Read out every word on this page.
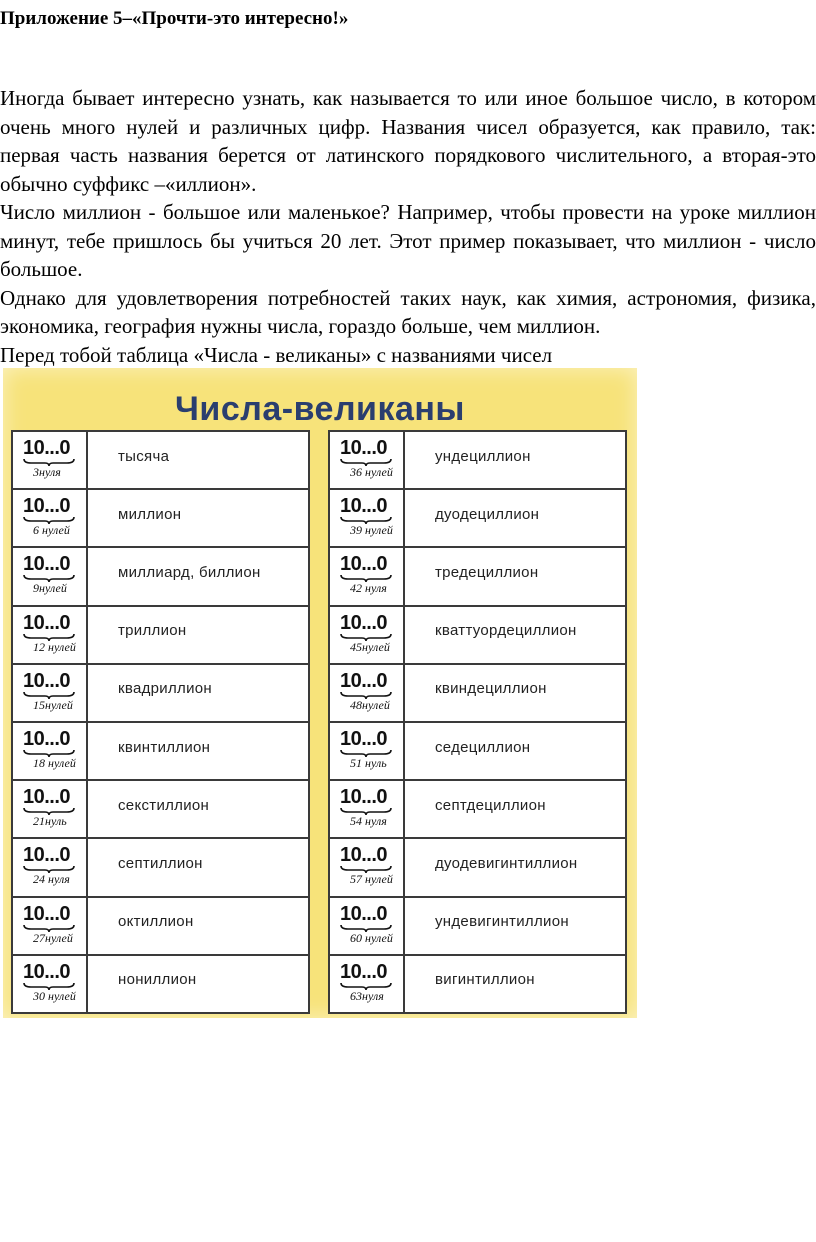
Приложение 5–«Прочти-это интересно!»

Иногда бывает интересно узнать, как называется то или иное большое число, в котором очень много нулей и различных цифр. Названия чисел образуется, как правило, так: первая часть названия берется от латинского порядкового числительного, а вторая-это обычно суффикс –«иллион».

Число миллион - большое или маленькое? Например, чтобы провести на уроке миллион минут, тебе пришлось бы учиться 20 лет. Этот пример показывает, что миллион - число большое.

Однако для удовлетворения потребностей таких наук, как химия, астрономия, физика, экономика, география нужны числа, гораздо больше, чем миллион.

Перед тобой таблица «Числа - великаны» с названиями чисел

Числа-великаны
10...0
3нуля
тысяча
10...0
6 нулей
миллион
10...0
9нулей
миллиард, биллион
10...0
12 нулей
триллион
10...0
15нулей
квадриллион
10...0
18 нулей
квинтиллион
10...0
21нуль
секстиллион
10...0
24 нуля
септиллион
10...0
27нулей
октиллион
10...0
30 нулей
нониллион
10...0
36 нулей
ундециллион
10...0
39 нулей
дуодециллион
10...0
42 нуля
тредециллион
10...0
45нулей
кваттуордециллион
10...0
48нулей
квиндециллион
10...0
51 нуль
седециллион
10...0
54 нуля
септдециллион
10...0
57 нулей
дуодевигинтиллион
10...0
60 нулей
ундевигинтиллион
10...0
63нуля
вигинтиллион
